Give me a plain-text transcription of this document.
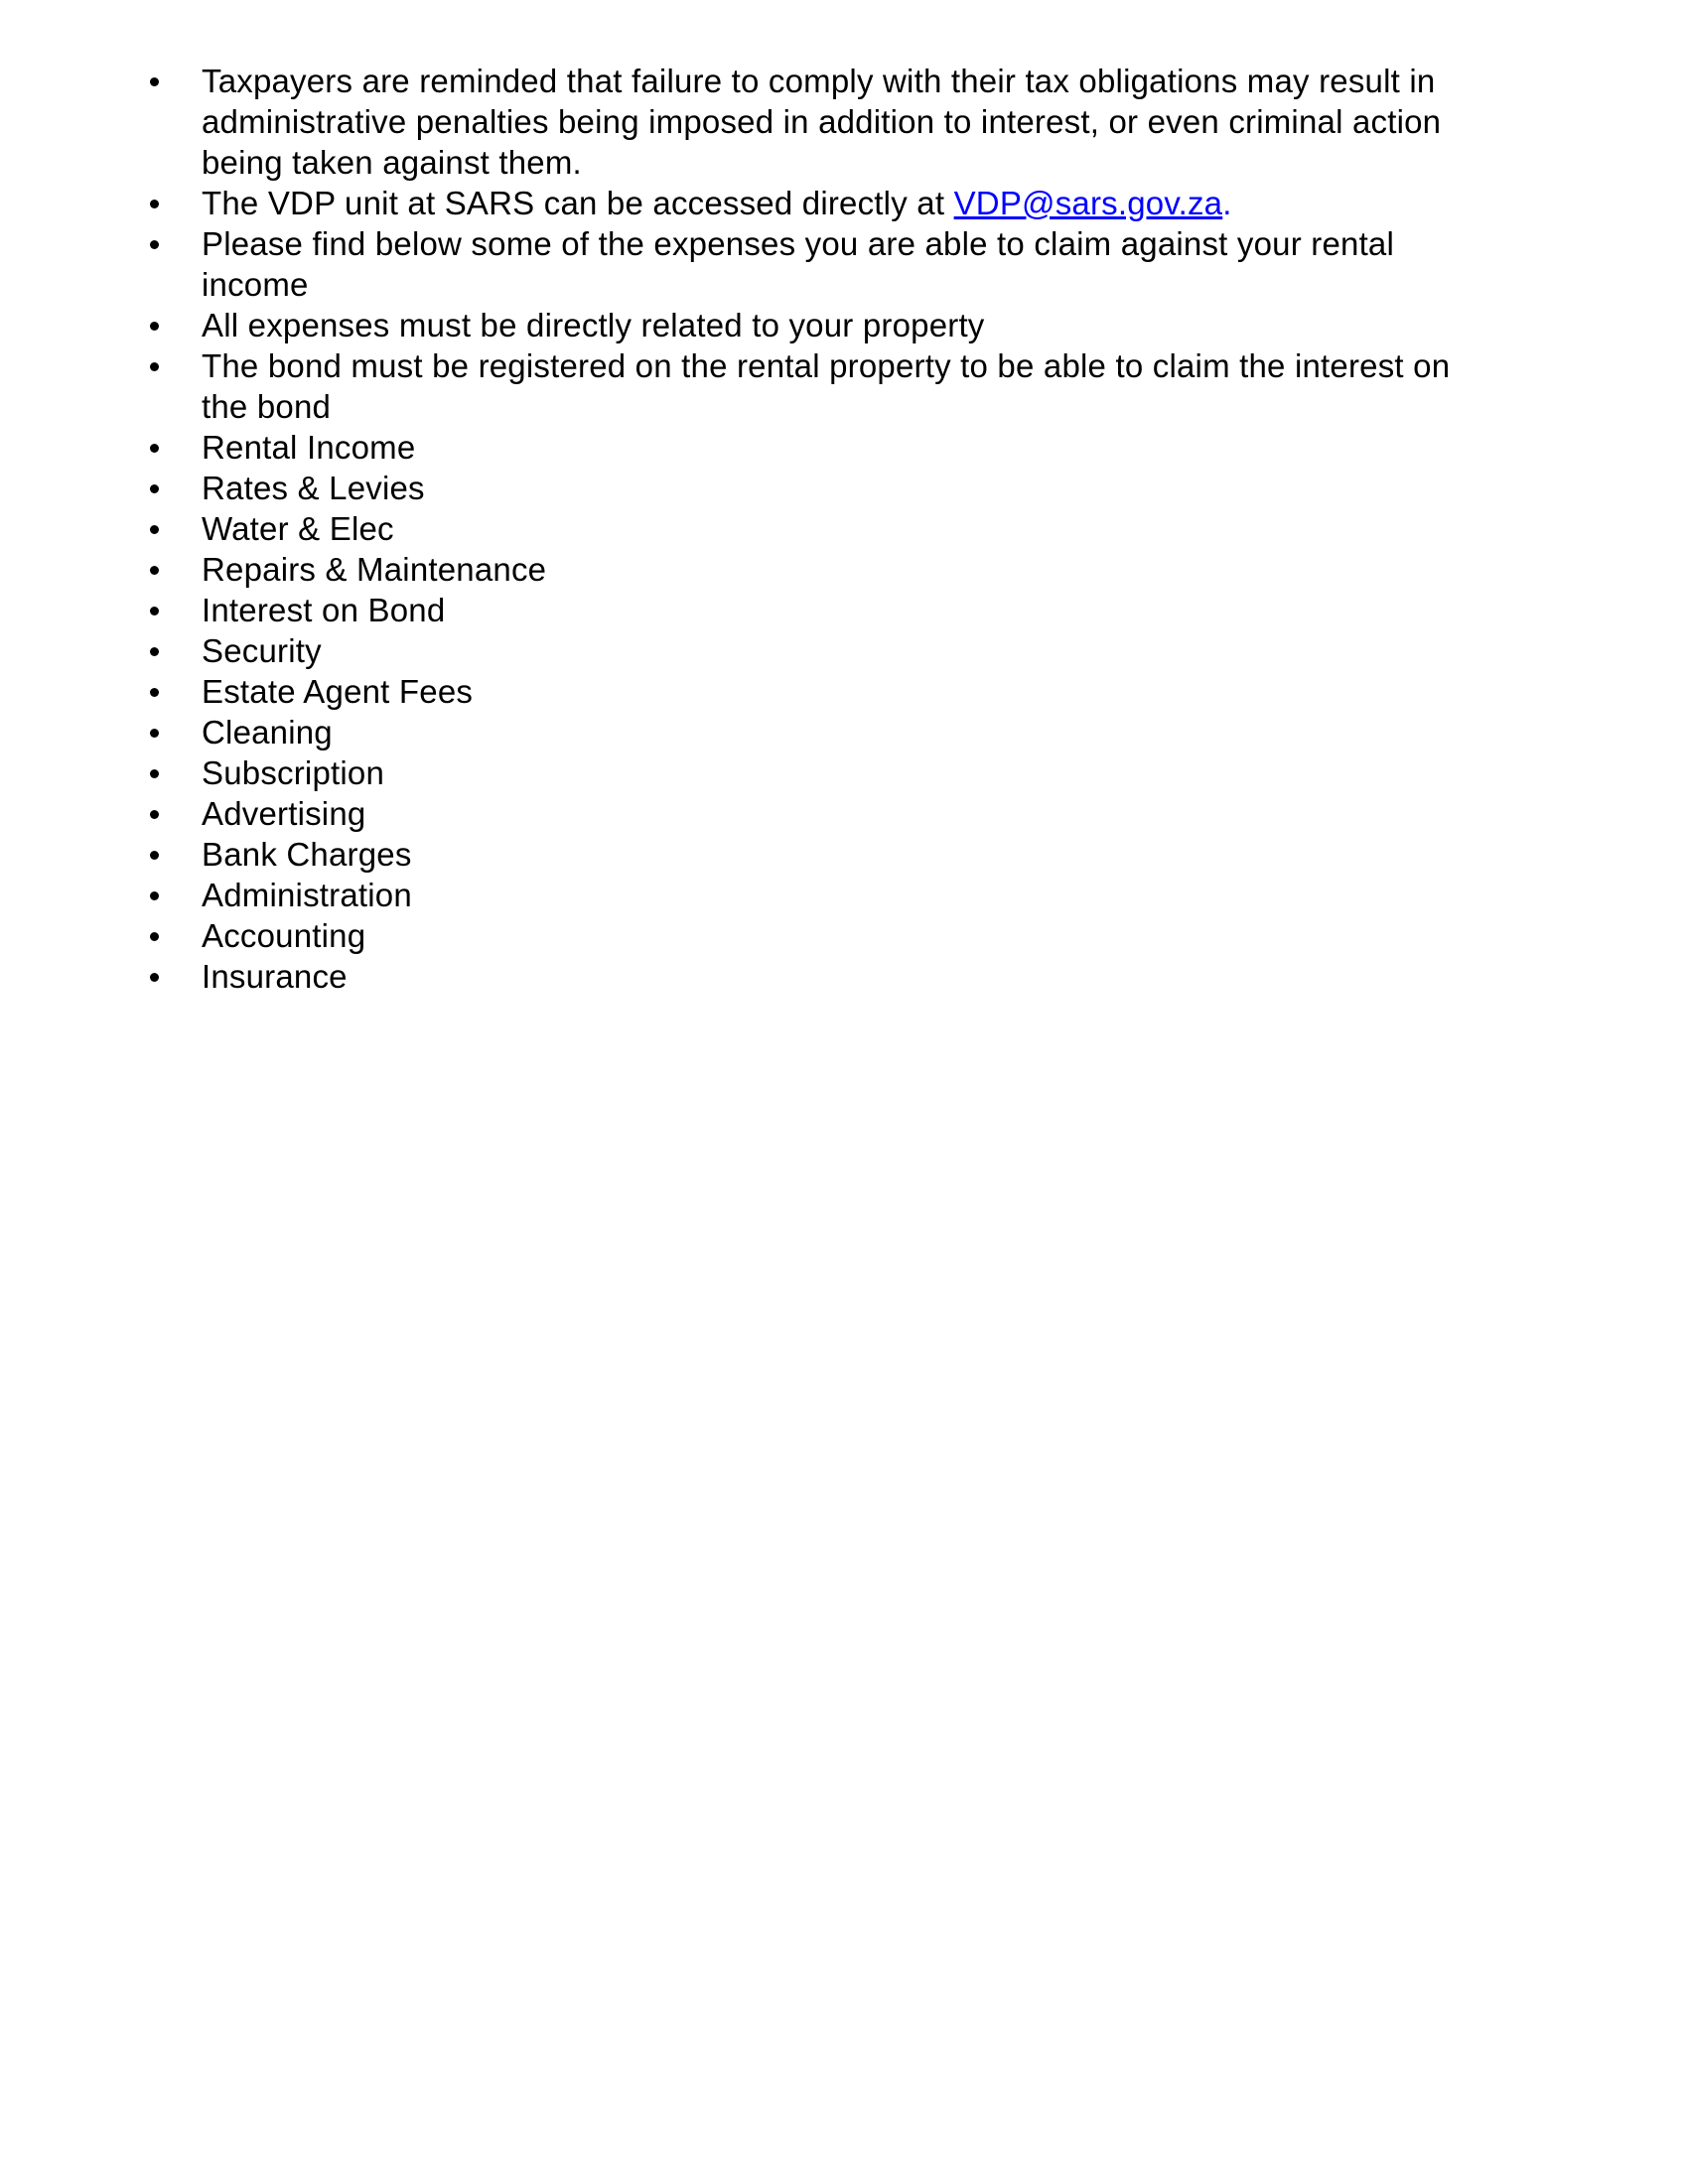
Taxpayers are reminded that failure to comply with their tax obligations may result in
administrative penalties being imposed in addition to interest, or even criminal action
being taken against them.
The VDP unit at SARS can be accessed directly at VDP@sars.gov.za.
Please find below some of the expenses you are able to claim against your rental
income
All expenses must be directly related to your property
The bond must be registered on the rental property to be able to claim the interest on
the bond
Rental Income
Rates & Levies
Water & Elec
Repairs & Maintenance
Interest on Bond
Security
Estate Agent Fees
Cleaning
Subscription
Advertising
Bank Charges
Administration
Accounting
Insurance
